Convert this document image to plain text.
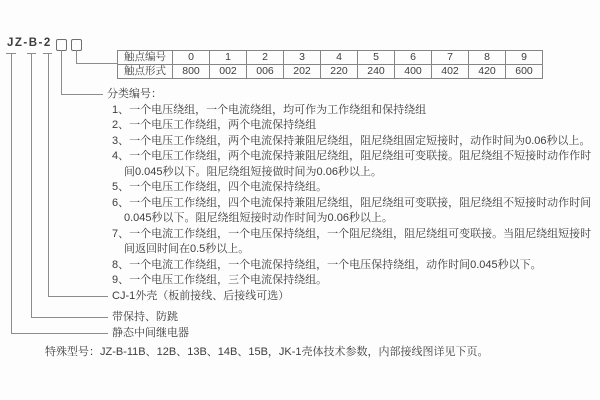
JZ-B-2
触点编号	0	1	2	3	4	5	6	7	8	9
触点形式	800	002	006	202	220	240	400	402	420	600
分类编号：
1、一个电压绕组，一个电流绕组，均可作为工作绕组和保持绕组
2、一个电压工作绕组，两个电流保持绕组
3、一个电压工作绕组，两个电流保持兼阻尼绕组，阻尼绕组固定短接时，动作时间为0.06秒以上。
4、一个电压工作绕组，两个电流保持兼阻尼绕组，阻尼绕组可变联接。阻尼绕组不短接时动作作时
间0.045秒以下。阻尼绕组短接做时间为0.06秒以上。
5、一个电压工作绕组，四个电流保持绕组。
6、一个电压工作绕组，四个电流保持兼阻尼绕组，阻尼绕组可变联接，阻尼绕组不短接时动作时间
0.045秒以下。阻尼绕组短接时动作时间为0.06秒以上。
7、一个电流工作绕组，一个电压保持绕组，一个阻尼绕组，阻尼绕组可变联接。当阻尼绕组短接时
间返回时间在0.5秒以上。
8、一个电流工作绕组，一个电流保持绕组，一个电压保持绕组，动作时间0.045秒以下。
9、一个电压工作绕组，三个电流保持绕组。
CJ-1外壳（板前接线、后接线可选）
带保持、防跳
静态中间继电器
特殊型号：JZ-B-11B、12B、13B、14B、15B，JK-1壳体技术参数，内部接线图详见下页。
